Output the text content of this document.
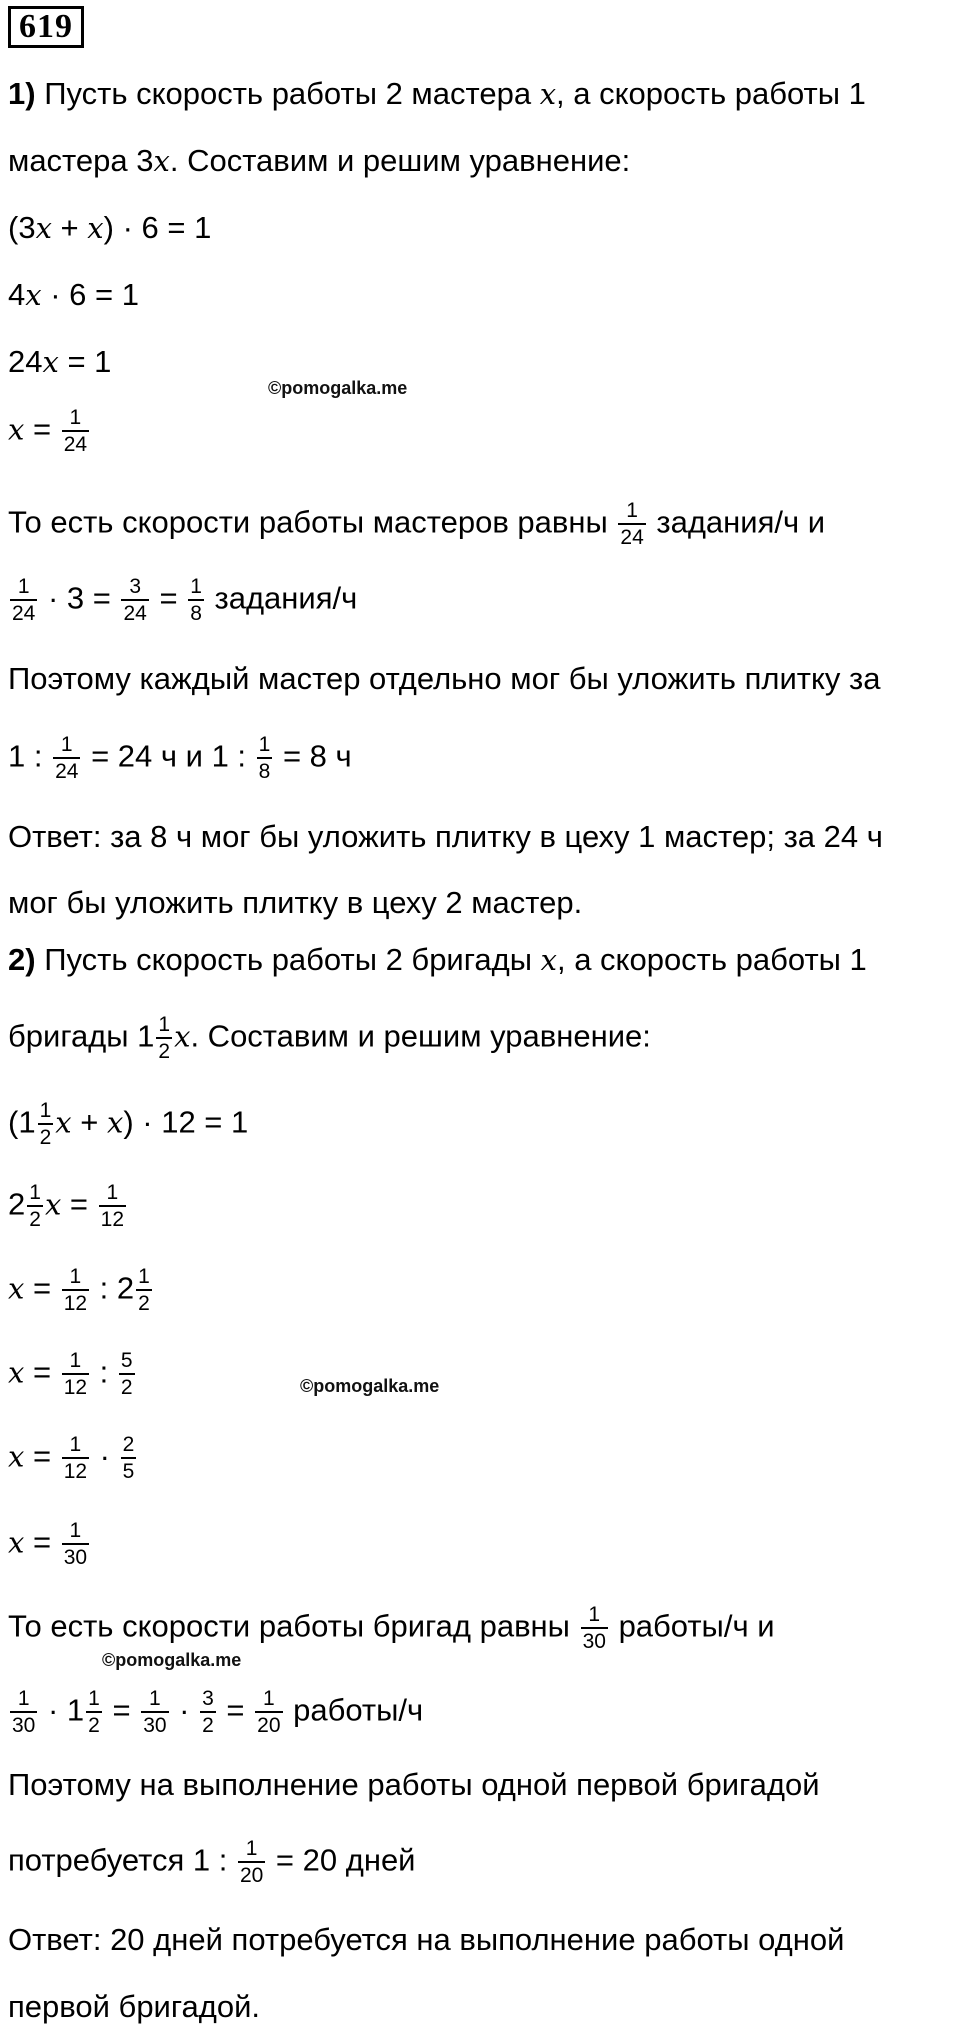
619
1) Пусть скорость работы 2 мастера x, а скорость работы 1
мастера 3x. Составим и решим уравнение:
(3x + x) · 6 = 1
4x · 6 = 1
24x = 1
©pomogalka.me
$x = \frac{1}{24}$
То есть скорости работы мастеров равны $\frac{1}{24}$ задания/ч и
$\frac{1}{24} \cdot 3 = \frac{3}{24} = \frac{1}{8}$ задания/ч
Поэтому каждый мастер отдельно мог бы уложить плитку за
1 : $\frac{1}{24} = 24$ ч и 1 : $\frac{1}{8} = 8$ ч
Ответ: за 8 ч мог бы уложить плитку в цеху 1 мастер; за 24 ч
мог бы уложить плитку в цеху 2 мастер.
2) Пусть скорость работы 2 бригады x, а скорость работы 1
бригады $1 \frac{1}{2} x$. Составим и решим уравнение:
($1 \frac{1}{2}$ x + x) · 12 = 1
$2 \frac{1}{2}$ $x = \frac{1}{12}$
$x = \frac{1}{12}$ : $2 \frac{1}{2}$
$x = \frac{1}{12}$ : $\frac{5}{2}$	©pomogalka.me
$x = \frac{1}{12} \cdot \frac{2}{5}$
$x = \frac{1}{30}$
То есть скорости работы бригад равны $\frac{1}{30}$ работы/ч и
©pomogalka.me
$\frac{1}{30} \cdot 1 \frac{1}{2} = \frac{1}{30} \cdot \frac{3}{2} = \frac{1}{20}$ работы/ч
Поэтому на выполнение работы одной первой бригадой
потребуется 1 : $\frac{1}{20} = 20$ дней
Ответ: 20 дней потребуется на выполнение работы одной
первой бригадой.
